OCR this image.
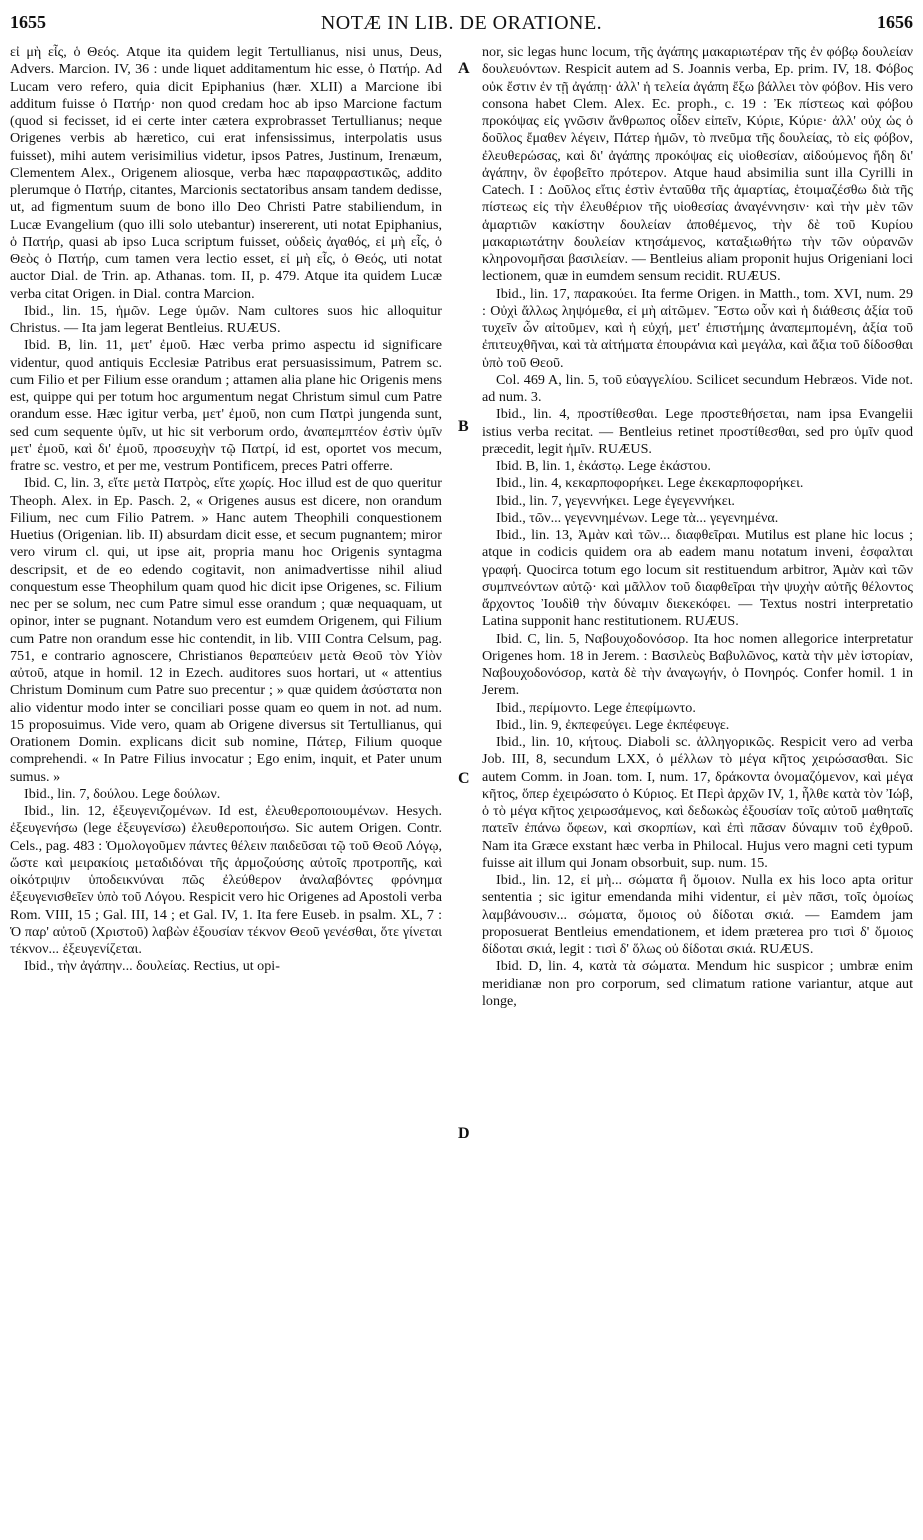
1655	NOTÆ IN LIB. DE ORATIONE.	1656

εἰ μὴ εἷς, ὁ Θεός. Atque ita quidem legit Tertullianus, nisi unus, Deus, Advers. Marcion. IV, 36 : unde liquet additamentum hic esse, ὁ Πατήρ. Ad Lucam vero refero, quia dicit Epiphanius (hær. XLII) a Marcione ibi additum fuisse ὁ Πατήρ· non quod credam hoc ab ipso Marcione factum (quod si fecisset, id ei certe inter cætera exprobrasset Tertullianus; neque Origenes verbis ab hæretico, cui erat infensissimus, interpolatis usus fuisset), mihi autem verisimilius videtur, ipsos Patres, Justinum, Irenæum, Clementem Alex., Origenem aliosque, verba hæc παραφραστικῶς, addito plerumque ὁ Πατήρ, citantes, Marcionis sectatoribus ansam tandem dedisse, ut, ad figmentum suum de bono illo Deo Christi Patre stabiliendum, in Lucæ Evangelium (quo illi solo utebantur) insererent, uti notat Epiphanius, ὁ Πατήρ, quasi ab ipso Luca scriptum fuisset, οὐδεὶς ἀγαθός, εἰ μὴ εἷς, ὁ Θεὸς ὁ Πατήρ, cum tamen vera lectio esset, εἰ μὴ εἷς, ὁ Θεός, uti notat auctor Dial. de Trin. ap. Athanas. tom. II, p. 479. Atque ita quidem Lucæ verba citat Origen. in Dial. contra Marcion.

Ibid., lin. 15, ἡμῶν. Lege ὑμῶν. Nam cultores suos hic alloquitur Christus. — Ita jam legerat Bentleius. RUÆUS.

Ibid. B, lin. 11, μετ' ἐμοῦ. Hæc verba primo aspectu id significare videntur, quod antiquis Ecclesiæ Patribus erat persuasissimum, Patrem sc. cum Filio et per Filium esse orandum ; attamen alia plane hic Origenis mens est, quippe qui per totum hoc argumentum negat Christum simul cum Patre orandum esse. Hæc igitur verba, μετ' ἐμοῦ, non cum Πατρὶ jungenda sunt, sed cum sequente ὑμῖν, ut hic sit verborum ordo, ἀναπεμπτέον ἐστὶν ὑμῖν μετ' ἐμοῦ, καὶ δι' ἐμοῦ, προσευχὴν τῷ Πατρί, id est, oportet vos mecum, fratre sc. vestro, et per me, vestrum Pontificem, preces Patri offerre.

Ibid. C, lin. 3, εἴτε μετὰ Πατρὸς, εἴτε χωρίς. Hoc illud est de quo queritur Theoph. Alex. in Ep. Pasch. 2, « Origenes ausus est dicere, non orandum Filium, nec cum Filio Patrem. » Hanc autem Theophili conquestionem Huetius (Origenian. lib. II) absurdam dicit esse, et secum pugnantem; miror vero virum cl. qui, ut ipse ait, propria manu hoc Origenis syntagma descripsit, et de eo edendo cogitavit, non animadvertisse nihil aliud conquestum esse Theophilum quam quod hic dicit ipse Origenes, sc. Filium nec per se solum, nec cum Patre simul esse orandum ; quæ nequaquam, ut opinor, inter se pugnant. Notandum vero est eumdem Origenem, qui Filium cum Patre non orandum esse hic contendit, in lib. VIII Contra Celsum, pag. 751, e contrario agnoscere, Christianos θεραπεύειν μετὰ Θεοῦ τὸν Υἱὸν αὐτοῦ, atque in homil. 12 in Ezech. auditores suos hortari, ut « attentius Christum Dominum cum Patre suo precentur ; » quæ quidem ἀσύστατα non alio videntur modo inter se conciliari posse quam eo quem in not. ad num. 15 proposuimus. Vide vero, quam ab Origene diversus sit Tertullianus, qui Orationem Domin. explicans dicit sub nomine, Πάτερ, Filium quoque comprehendi. « In Patre Filius invocatur ; Ego enim, inquit, et Pater unum sumus. »

Ibid., lin. 7, δούλου. Lege δούλων.

Ibid., lin. 12, ἐξευγενιζομένων. Id est, ἐλευθεροποιουμένων. Hesych. ἐξευγενήσω (lege ἐξευγενίσω) ἐλευθεροποιήσω. Sic autem Origen. Contr. Cels., pag. 483 : Ὁμολογοῦμεν πάντες θέλειν παιδεῦσαι τῷ τοῦ Θεοῦ Λόγῳ, ὥστε καὶ μειρακίοις μεταδιδόναι τῆς ἁρμοζούσης αὐτοῖς προτροπῆς, καὶ οἰκότριψιν ὑποδεικνύναι πῶς ἐλεύθερον ἀναλαβόντες φρόνημα ἐξευγενισθεῖεν ὑπὸ τοῦ Λόγου. Respicit vero hic Origenes ad Apostoli verba Rom. VIII, 15 ; Gal. III, 14 ; et Gal. IV, 1. Ita fere Euseb. in psalm. XL, 7 : Ὁ παρ' αὐτοῦ (Χριστοῦ) λαβὼν ἐξουσίαν τέκνον Θεοῦ γενέσθαι, ὅτε γίνεται τέκνον... ἐξευγενίζεται.

Ibid., τὴν ἀγάπην... δουλείας. Rectius, ut opi-

nor, sic legas hunc locum, τῆς ἀγάπης μακαριωτέραν τῆς ἐν φόβῳ δουλείαν δουλευόντων. Respicit autem ad S. Joannis verba, Ep. prim. IV, 18. Φόβος οὐκ ἔστιν ἐν τῇ ἀγάπῃ· ἀλλ' ἡ τελεία ἀγάπη ἔξω βάλλει τὸν φόβον. His vero consona habet Clem. Alex. Ec. proph., c. 19 : Ἐκ πίστεως καὶ φόβου προκόψας εἰς γνῶσιν ἄνθρωπος οἶδεν εἰπεῖν, Κύριε, Κύριε· ἀλλ' οὐχ ὡς ὁ δοῦλος ἔμαθεν λέγειν, Πάτερ ἡμῶν, τὸ πνεῦμα τῆς δουλείας, τὸ εἰς φόβον, ἐλευθερώσας, καὶ δι' ἀγάπης προκόψας εἰς υἱοθεσίαν, αἰδούμενος ἤδη δι' ἀγάπην, ὃν ἐφοβεῖτο πρότερον. Atque haud absimilia sunt illa Cyrilli in Catech. I : Δοῦλος εἴτις ἐστὶν ἐνταῦθα τῆς ἁμαρτίας, ἑτοιμαζέσθω διὰ τῆς πίστεως εἰς τὴν ἐλευθέριον τῆς υἱοθεσίας ἀναγέννησιν· καὶ τὴν μὲν τῶν ἁμαρτιῶν κακίστην δουλείαν ἀποθέμενος, τὴν δὲ τοῦ Κυρίου μακαριωτάτην δουλείαν κτησάμενος, καταξιωθήτω τὴν τῶν οὐρανῶν κληρονομῆσαι βασιλείαν. — Bentleius aliam proponit hujus Origeniani loci lectionem, quæ in eumdem sensum recidit. RUÆUS.

Ibid., lin. 17, παρακούει. Ita ferme Origen. in Matth., tom. XVI, num. 29 : Οὐχὶ ἄλλως ληψόμεθα, εἰ μὴ αἰτῶμεν. Ἔστω οὖν καὶ ἡ διάθεσις ἀξία τοῦ τυχεῖν ὧν αἰτοῦμεν, καὶ ἡ εὐχή, μετ' ἐπιστήμης ἀναπεμπομένη, ἀξία τοῦ ἐπιτευχθῆναι, καὶ τὰ αἰτήματα ἐπουράνια καὶ μεγάλα, καὶ ἄξια τοῦ δίδοσθαι ὑπὸ τοῦ Θεοῦ.

Col. 469 A, lin. 5, τοῦ εὐαγγελίου. Scilicet secundum Hebræos. Vide not. ad num. 3.

Ibid., lin. 4, προστίθεσθαι. Lege προστεθήσεται, nam ipsa Evangelii istius verba recitat. — Bentleius retinet προστίθεσθαι, sed pro ὑμῖν quod præcedit, legit ἡμῖν. RUÆUS.

Ibid. B, lin. 1, ἑκάστῳ. Lege ἑκάστου.

Ibid., lin. 4, κεκαρποφορήκει. Lege ἐκεκαρποφορήκει.

Ibid., lin. 7, γεγεννήκει. Lege ἐγεγεννήκει.

Ibid., τῶν... γεγεννημένων. Lege τὰ... γεγενημένα.

Ibid., lin. 13, Ἀμὰν καὶ τῶν... διαφθεῖραι. Mutilus est plane hic locus ; atque in codicis quidem ora ab eadem manu notatum inveni, ἐσφαλται γραφή. Quocirca totum ego locum sit restituendum arbitror, Ἀμὰν καὶ τῶν συμπνεόντων αὐτῷ· καὶ μᾶλλον τοῦ διαφθεῖραι τὴν ψυχὴν αὐτῆς θέλοντος ἄρχοντος Ἰουδὶθ τὴν δύναμιν διεκεκόφει. — Textus nostri interpretatio Latina supponit hanc restitutionem. RUÆUS.

Ibid. C, lin. 5, Ναβουχοδονόσορ. Ita hoc nomen allegorice interpretatur Origenes hom. 18 in Jerem. : Βασιλεὺς Βαβυλῶνος, κατὰ τὴν μὲν ἱστορίαν, Ναβουχοδονόσορ, κατὰ δὲ τὴν ἀναγωγήν, ὁ Πονηρός. Confer homil. 1 in Jerem.

Ibid., περίμοντο. Lege ἐπεφίμωντο.

Ibid., lin. 9, ἐκπεφεύγει. Lege ἐκπέφευγε.

Ibid., lin. 10, κήτους. Diaboli sc. ἀλληγορικῶς. Respicit vero ad verba Job. III, 8, secundum LXX, ὁ μέλλων τὸ μέγα κῆτος χειρώσασθαι. Sic autem Comm. in Joan. tom. I, num. 17, δράκοντα ὀνομαζόμενον, καὶ μέγα κῆτος, ὅπερ ἐχειρώσατο ὁ Κύριος. Et Περὶ ἀρχῶν IV, 1, ἦλθε κατὰ τὸν Ἰώβ, ὁ τὸ μέγα κῆτος χειρωσάμενος, καὶ δεδωκὼς ἐξουσίαν τοῖς αὐτοῦ μαθηταῖς πατεῖν ἐπάνω ὄφεων, καὶ σκορπίων, καὶ ἐπὶ πᾶσαν δύναμιν τοῦ ἐχθροῦ. Nam ita Græce exstant hæc verba in Philocal. Hujus vero magni ceti typum fuisse ait illum qui Jonam obsorbuit, sup. num. 15.

Ibid., lin. 12, εἰ μὴ... σώματα ἢ ὅμοιον. Nulla ex his loco apta oritur sententia ; sic igitur emendanda mihi videntur, εἰ μὲν πᾶσι, τοῖς ὁμοίως λαμβάνουσιν... σώματα, ὅμοιος οὐ δίδοται σκιά. — Eamdem jam proposuerat Bentleius emendationem, et idem præterea pro τισὶ δ' ὅμοιος δίδοται σκιά, legit : τισὶ δ' ὅλως οὐ δίδοται σκιά. RUÆUS.

Ibid. D, lin. 4, κατὰ τὰ σώματα. Mendum hic suspicor ; umbræ enim meridianæ non pro corporum, sed climatum ratione variantur, atque aut longe,

A
B
C
D
